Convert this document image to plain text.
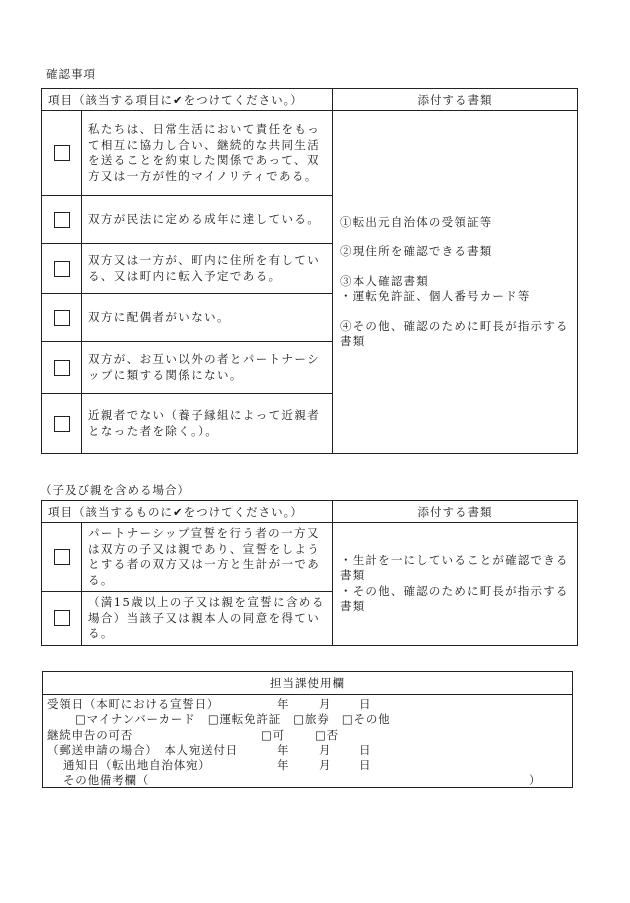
確認事項
項目（該当する項目に✔をつけてください。）		添付する書類

	私たちは、日常生活において責任をもって相互に協力し合い、継続的な共同生活を送ることを約束した関係であって、双方又は一方が性的マイノリティである。	①転出元自治体の受領証等
②現住所を確認できる書類
③本人確認書類
・運転免許証、個人番号カード等
④その他、確認のために町長が指示する書類

	双方が民法に定める成年に達している。	

	双方又は一方が、町内に住所を有している、又は町内に転入予定である。	

	双方に配偶者がいない。	

	双方が、お互い以外の者とパートナーシップに類する関係にない。	

	近親者でない（養子縁組によって近親者となった者を除く。）。	
（子及び親を含める場合）
項目（該当するものに✔をつけてください。）		添付する書類

	パートナーシップ宣誓を行う者の一方又は双方の子又は親であり、宣誓をしようとする者の双方又は一方と生計が一である。	・生計を一にしていることが確認できる書類
・その他、確認のために町長が指示する書類

	（満15歳以上の子又は親を宣誓に含める場合）当該子又は親本人の同意を得ている。	
担当課使用欄
受領日（本町における宣誓日）	年	月 日
□マイナンバーカード　□運転免許証　□旅券　□その他
継続申告の可否	□可	□否
（郵送申請の場合）　本人宛送付日	年	月 日
通知日（転出地自治体宛）	年	月 日
その他備考欄（	）
